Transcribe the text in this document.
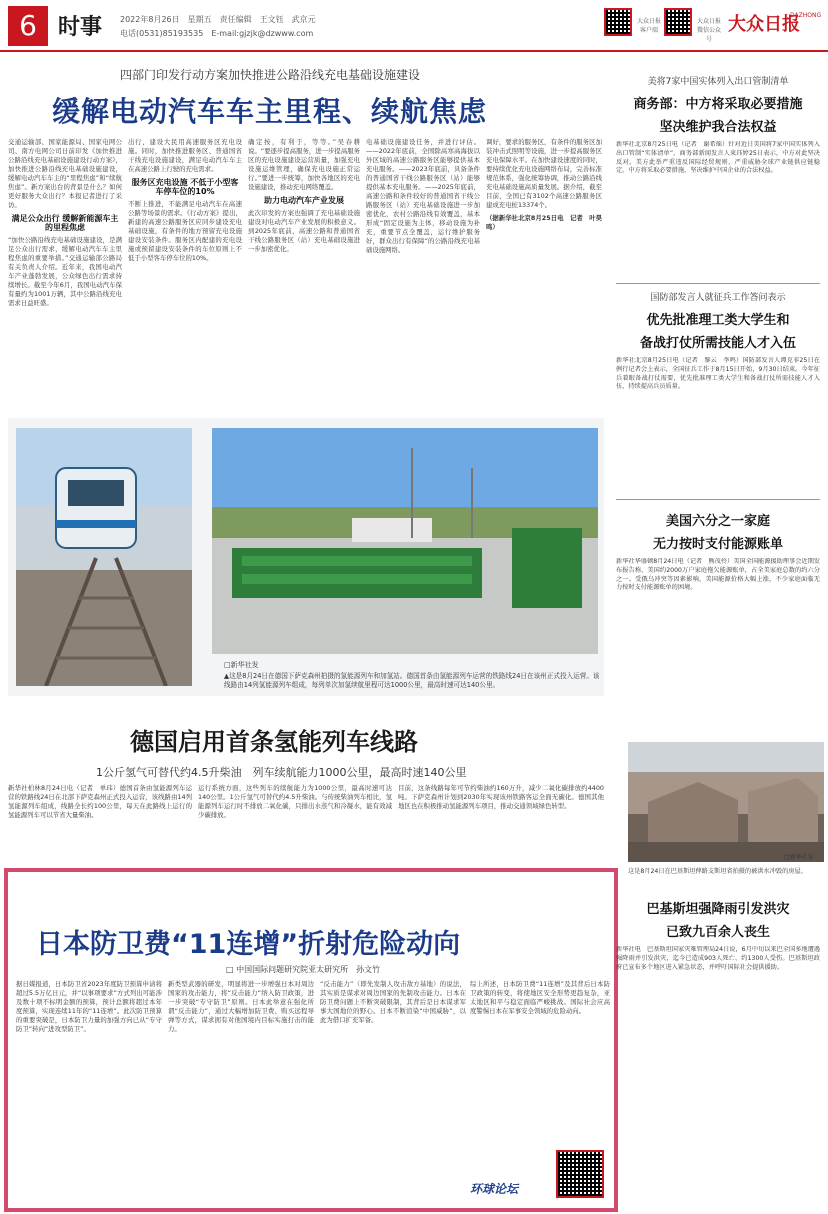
6 时事 2022年8月26日　星期五　责任编辑　王文钰　武京元
电话(0531)85193535　E-mail:gjzjk@dzwww.com
大众日报客户端
大众日报微信公众号
大众日报
DAZHONG
四部门印发行动方案加快推进公路沿线充电基础设施建设
缓解电动汽车车主里程、续航焦虑

交通运输部、国家能源局、国家电网公司、南方电网公司日前印发《加快推进公路沿线充电基础设施建设行动方案》，加快推进公路沿线充电基础设施建设，缓解电动汽车车主的“里程焦虑”和“续航焦虑”。新方案出台的背景是什么？如何更好服务大众出行？本报记者进行了采访。

满足公众出行 缓解新能源车主的里程焦虑

“加快公路沿线充电基础设施建设，是满足公众出行需求、缓解电动汽车车主里程焦虑的重要举措。”交通运输部公路局有关负责人介绍。近年来，我国电动汽车产业蓬勃发展，公众绿色出行需求持续增长。截至今年6月，我国电动汽车保有量约为1001万辆，其中公路沿线充电需求日益旺盛。

出行，建设大民用高速服务区充电设施。同时，加快推进服务区、普通国省干线充电设施建设，满足电动汽车车主在高速公路上行驶的充电需求。

服务区充电设施 不低于小型客车停车位的10%

不断上推进，不能满足电动汽车在高速公路等场景的需求。《行动方案》提出，新建的高速公路服务区应同步建设充电基础设施，有条件的地方预留充电设施建设安装条件。服务区内配建的充电设施或预留建设安装条件的车位原则上不低于小型客车停车位的10%。

确定按，有利于，等等。”吴春耕说。“要逐步提高服务，进一步提高服务区的充电设施建设运营质量，加强充电设施运维管理，确保充电设施正常运行。”要进一步统筹，加快各地区的充电设施建设，推动充电网络覆盖。

助力电动汽车产业发展

此次印发的方案也强调了充电基础设施建设对电动汽车产业发展的积极意义。到2025年底前，高速公路和普通国省干线公路服务区（站）充电基础设施进一步加密优化。

电基础设施建设任务，并进行评估。——2022年底前，全国除高寒高海拔以外区域的高速公路服务区能够提供基本充电服务。——2023年底前，具备条件的普通国省干线公路服务区（站）能够提供基本充电服务。——2025年底前，高速公路和条件较好的普通国省干线公路服务区（站）充电基础设施进一步加密优化，农村公路沿线有效覆盖，基本形成“固定设施为主体，移动设施为补充，重要节点全覆盖，运行维护服务好，群众出行有保障”的公路沿线充电基础设施网络。

调好，要求的服务区，有条件的服务区加装冲击式照明等设施，进一步提高服务区充电保障水平。在加快建设速度的同时，要持续优化充电设施网络布局，完善标准规范体系，强化统筹协调，推动公路沿线充电基础设施高质量发展。据介绍，截至目前，全国已有3102个高速公路服务区建成充电桩13374个。

（据新华社北京8月25日电　记者　叶昊鸣）

□新华社发
▲这是8月24日在德国下萨克森州拍摄的氢能源列车和加氢站。德国首条由氢能源列车运营的铁路线24日在该州正式投入运营。该线路由14列氢能源列车组成，每列单次加氢续航里程可达1000公里，最高时速可达140公里。
德国启用首条氢能列车线路
1公斤氢气可替代约4.5升柴油　列车续航能力1000公里，最高时速140公里
新华社柏林8月24日电（记者　单玮）德国首条由氢能源列车运营的铁路线24日在北部下萨克森州正式投入运营，该线路由14列氢能源列车组成，线路全长约100公里，每天在此路线上运行的氢能源列车可以节省大量柴油。
运行系统方面，这些列车的续航能力为1000公里，最高时速可达140公里。1公斤氢气可替代约4.5升柴油。与传统柴油列车相比，氢能源列车运行时不排放二氧化碳，只排出水蒸气和冷凝水，能有效减少碳排放。
目前，这条线路每年可节约柴油约160万升，减少二氧化碳排放约4400吨。下萨克森州计划到2030年实现该州铁路客运全面无碳化。德国其他地区也在积极推动氢能源列车项目，推动交通领域绿色转型。
日本防卫费“11连增”折射危险动向
□ 中国国际问题研究院亚太研究所　孙文竹
据日媒报道，日本防卫省2023年度防卫预算申请将超过5.5万亿日元，并“以事项要求”方式列出可能涉及数十项不标明金额的预算，预计总额将超过本年度预算，实现连续11年的“11连增”。此次防卫预算的重要突破是，日本防卫力量的加强方向已从“专守防卫”转向“进攻型防卫”。
新类型武器的研发，明显将进一步增强日本对周边国家的攻击能力，将“反击能力”纳入防卫政策，进一步突破“专守防卫”原则。日本此举意在强化所谓“反击能力”，通过大幅增加防卫费、购买远程导弹等方式，谋求拥有对他国境内目标实施打击的能力。
“反击能力”（即先发制人攻击敌方基地）的说法，其实质是谋求对周边国家的先制攻击能力。日本在防卫费问题上不断突破限制，其背后是日本谋求军事大国地位的野心。日本不断渲染“中国威胁”，以此为借口扩充军备。
综上所述，日本防卫费“11连增”及其背后日本防卫政策的转变，将使地区安全形势更趋复杂，亚太地区和平与稳定面临严峻挑战。国际社会应高度警惕日本在军事安全领域的危险动向。
环球论坛
美将7家中国实体列入出口管制清单
商务部：中方将采取必要措施
坚决维护我合法权益
新华社北京8月25日电（记者　谢希瑶）针对近日美国将7家中国实体列入出口管制“实体清单”，商务部新闻发言人束珏婷25日表示，中方对此坚决反对。美方此举严重违反国际经贸规则，严重威胁全球产业链供应链稳定。中方将采取必要措施，坚决维护中国企业的合法权益。
国防部发言人就征兵工作答问表示
优先批准理工类大学生和
备战打仗所需技能人才入伍
新华社北京8月25日电（记者　黎云　李鸣）国防部发言人谭克非25日在例行记者会上表示，全国征兵工作于8月15日开始，9月30日结束。今年征兵着眼备战打仗需要，优先批准理工类大学生和备战打仗所需技能人才入伍，持续提高兵员质量。
美国六分之一家庭
无力按时支付能源账单
新华社华盛顿8月24日电（记者　熊茂伶）美国全国能源援助理事会近期发布报告称，美国约2000万户家庭拖欠能源账单，占全美家庭总数的约六分之一。受俄乌冲突等因素影响，美国能源价格大幅上涨，不少家庭面临无力按时支付能源账单的困境。
□新华社发
这是8月24日在巴基斯坦俾路支斯坦省拍摄的被洪水冲毁的房屋。
巴基斯坦强降雨引发洪灾
已致九百余人丧生
新华社电　巴基斯坦国家灾难管理局24日说，6月中旬以来巴全国多地遭遇强降雨并引发洪灾，迄今已造成903人死亡、约1300人受伤。巴基斯坦政府已宣布多个地区进入紧急状态，并呼吁国际社会提供援助。
